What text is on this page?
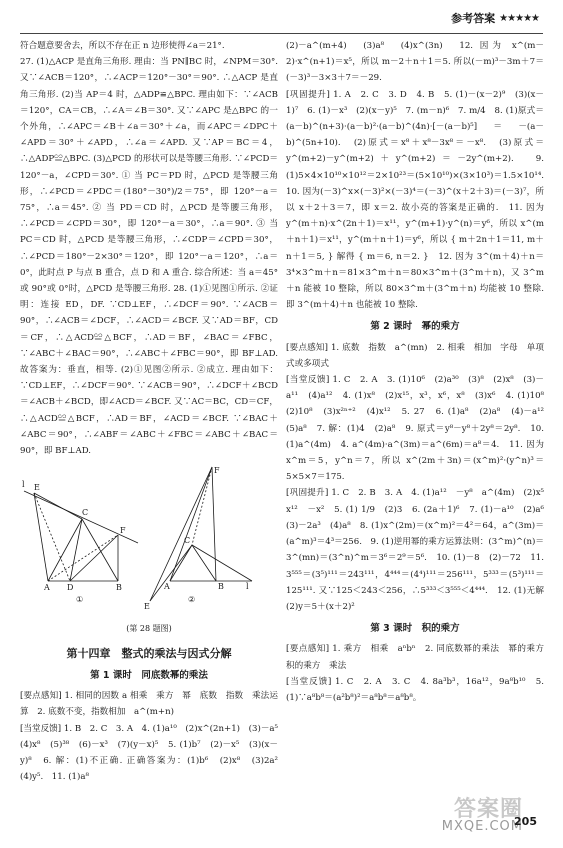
参考答案 ★★★★★

符合题意要舍去，所以不存在正 n 边形使得∠a＝21°.

27. (1)△ACP 是直角三角形. 理由：当 PN∥BC 时，∠NPM＝30°. 又∵∠ACB＝120°，∴∠ACP＝120°－30°＝90°. ∴△ACP 是直角三角形. (2)当 AP＝4 时，△ADP≌△BPC. 理由如下：∵∠ACB＝120°，CA＝CB，∴∠A＝∠B＝30°. 又∵∠APC 是△BPC 的一个外角，∴∠APC＝∠B＋∠a＝30°＋∠a，而∠APC＝∠DPC＋∠APD＝30°＋∠APD，∴∠a＝∠APD. 又∵AP＝BC＝4，∴△ADP≌△BPC. (3)△PCD 的形状可以是等腰三角形. ∵∠PCD＝120°－a，∠CPD＝30°. ① 当 PC＝PD 时，△PCD 是等腰三角形，∴∠PCD＝∠PDC＝(180°－30°)/2＝75°，即 120°－a＝75°，∴a＝45°. ② 当 PD＝CD 时，△PCD 是等腰三角形，∴∠PCD＝∠CPD＝30°，即 120°－a＝30°，∴a＝90°. ③ 当 PC＝CD 时，△PCD 是等腰三角形，∴∠CDP＝∠CPD＝30°，∴∠PCD＝180°－2×30°＝120°，即 120°－a＝120°，∴a＝0°，此时点 P 与点 B 重合，点 D 和 A 重合. 综合所述：当 a＝45°或 90°或 0°时，△PCD 是等腰三角形. 28. (1)①见图①所示. ②证明：连接 ED，DF. ∵CD⊥EF，∴∠DCF＝90°. ∵∠ACB＝90°，∴∠ACB＝∠DCF，∴∠ACD＝∠BCF. 又∵AD＝BF，CD＝CF，∴△ACD≌△BCF，∴AD＝BF，∠BAC＝∠FBC，∵∠ABC＋∠BAC＝90°，∴∠ABC＋∠FBC＝90°，即 BF⊥AD. 故答案为：垂直，相等. (2)①见图②所示. ②成立. 理由如下：∵CD⊥EF，∴∠DCF＝90°. ∵∠ACB＝90°，∴∠DCF＋∠BCD＝∠ACB＋∠BCD，即∠ACD＝∠BCF. 又∵AC＝BC，CD＝CF，∴△ACD≌△BCF，∴AD＝BF，∠ACD＝∠BCF. ∵∠BAC＋∠ABC＝90°，∴∠ABF＝∠ABC＋∠FBC＝∠ABC＋∠BAC＝90°，即 BF⊥AD.

l E
C
F
A D	B
①
F
C
A	B	l
E
②
(第 28 题图)
第十四章　整式的乘法与因式分解
第 1 课时　同底数幂的乘法

[要点感知] 1. 相同的因数 a 相乘　乘方　幂　底数　指数　乘法运算　2. 底数不变，指数相加　a^(m+n)

[当堂反馈] 1. B　2. C　3. A　4. (1)a¹⁰　(2)x^(2n+1)　(3)－a⁵　(4)x⁸　(5)³⁸　(6)－x³　(7)(y－x)⁵　5. (1)b⁷　(2)－x⁵　(3)(x－y)⁸　6. 解：(1)不正确. 正确答案为：(1)b⁶　(2)x⁸　(3)2a²　(4)y⁵.　11. (1)a⁸

(2)－a^(m+4)　(3)a⁸　(4)x^(3n)　12. 因为 x^(m－2)·x^(n+1)＝x⁵，所以 m－2＋n＋1＝5. 所以(－m)³－3m＋7＝(－3)³－3×3＋7＝－29.

[巩固提升] 1. A　2. C　3. D　4. B　5. (1)－(x－2)⁹　(3)(x－1)⁷　6. (1)－x³　(2)(x－y)⁵　7. (m－n)⁶　7. m/4　8. (1)原式＝(a－b)^(n+3)·(a－b)²·(a－b)^(4n)·[－(a－b)⁵]＝－(a－b)^(5n+10).　(2)原式＝x⁸＋x⁸－3x⁸＝－x⁸.　(3)原式＝y^(m+2)－y^(m+2)＋y^(m+2)＝－2y^(m+2).　9. (1)5×4×10¹⁰×10¹²＝2×10²³＝(5×10¹⁰)×(3×10³)＝1.5×10¹⁴.　10. 因为(－3)^x×(－3)²×(－3)⁴＝(－3)^(x＋2＋3)＝(－3)⁷，所以 x＋2＋3＝7，即 x＝2. 故小亮的答案是正确的.　11. 因为 y^(m＋n)·x^(2n＋1)＝x¹¹，y^(m+1)·y^(n)＝y⁶，所以 x^(m＋n＋1)＝x¹¹，y^(m＋n＋1)＝y⁶，所以 { m＋2n＋1＝11, m＋n＋1＝5, } 解得 { m＝6, n＝2. }　12. 因为 3^(m＋4)＋n＝3⁴×3^m＋n＝81×3^m＋n＝80×3^m＋(3^m＋n)，又 3^m＋n 能被 10 整除，所以 80×3^m＋(3^m＋n) 均能被 10 整除. 即 3^(m＋4)＋n 也能被 10 整除.

第 2 课时　幂的乘方

[要点感知] 1. 底数　指数　a^(mn)　2. 相乘　相加　字母　单项式或多项式

[当堂反馈] 1. C　2. A　3. (1)10⁶　(2)a³⁰　(3)⁸　(2)x⁸　(3)－a¹¹　(4)a¹²　4. (1)x⁸　(2)x¹⁵，x³，x⁶，x⁸　(3)x⁶　4. (1)10⁸　(2)10⁸　(3)x²ⁿ⁺²　(4)x¹²　5. 27　6. (1)a⁸　(2)a⁸　(4)－a¹²　(5)a⁸　7. 解：(1)4　(2)a⁸　9. 原式＝y⁸－y⁸＋2y⁸＝2y⁸.　10. (1)a^(4m)　4. a^(4m)·a^(3m)＝a^(6m)＝a⁸＝4.　11. 因为 x^m＝5，y^n＝7，所以 x^(2m＋3n)＝(x^m)²·(y^n)³＝5×5×7＝175.

[巩固提升] 1. C　2. B　3. A　4. (1)a¹²　－y⁸　a^(4m)　(2)x⁵　x¹²　－x²　5. (1) 1/9　(2)3　6. (2a＋1)⁶　7. (1)－a¹⁰　(2)a⁶　(3)－2a³　(4)a⁸　8. (1)x^(2m)＝(x^m)²＝4²＝64，a^(3m)＝(a^m)³＝4³＝256.　9. (1)逆用幂的乘方运算法则：(3^m)^(n)＝3^(mn)＝(3^n)^m＝3⁶＝2⁹＝5⁶.　10. (1)－8　(2)－72　11. 3⁵⁵⁵＝(3⁵)¹¹¹＝243¹¹¹，4⁴⁴⁴＝(4⁴)¹¹¹＝256¹¹¹，5³³³＝(5³)¹¹¹＝125¹¹¹. 又∵125＜243＜256，∴5³³³＜3⁵⁵⁵＜4⁴⁴⁴.　12. (1)无解　(2)y＝5＋(x＋2)²

第 3 课时　积的乘方

[要点感知] 1. 乘方　相乘　aⁿbⁿ　2. 同底数幂的乘法　幂的乘方　积的乘方　乘法

[当堂反馈] 1. C　2. A　3. C　4. 8a³b³，16a¹²，9a⁸b¹⁰　5. (1)∵a⁸b⁸＝(a²b⁸)²＝a⁸b⁸＝a⁸b⁸。

答案圈
MXQE.COM
205
